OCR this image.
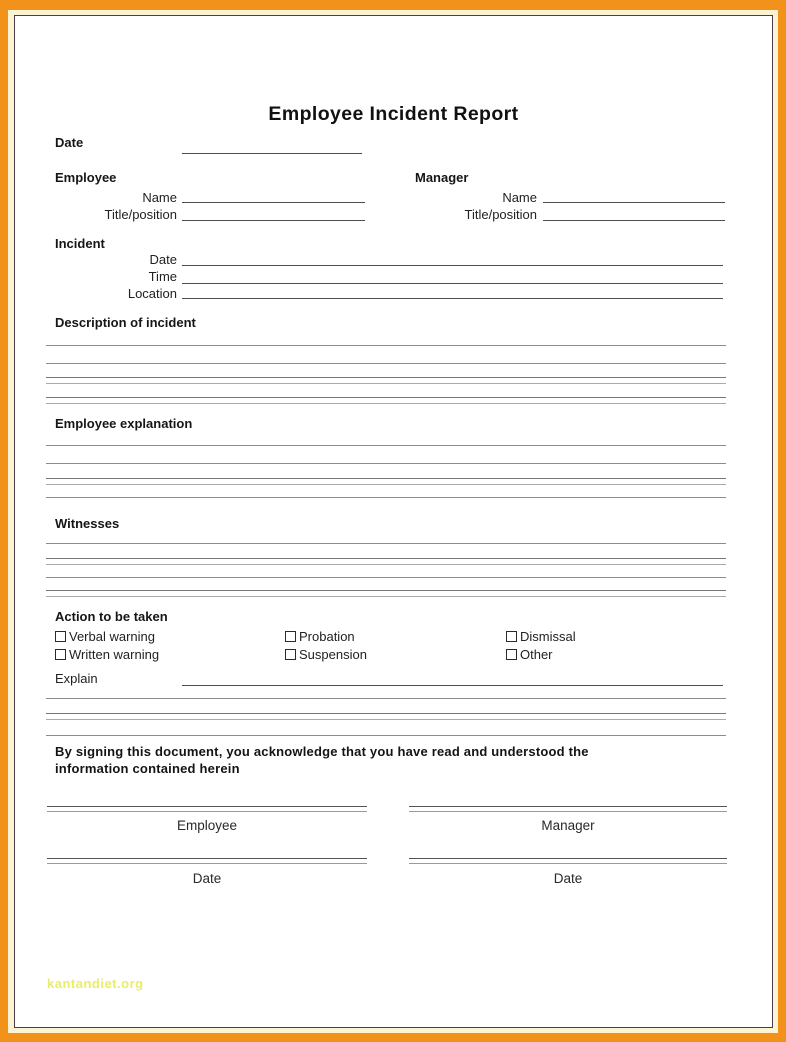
Employee Incident Report
Date
Employee
Name
Title/position
Manager
Name
Title/position
Incident
Date
Time
Location
Description of incident
Employee explanation
Witnesses
Action to be taken
Verbal warning	Probation	Dismissal
Written warning	Suspension	Other
Explain
By signing this document, you acknowledge that you have read and understood the information contained herein
Employee	Manager
Date	Date
kantandiet.org
